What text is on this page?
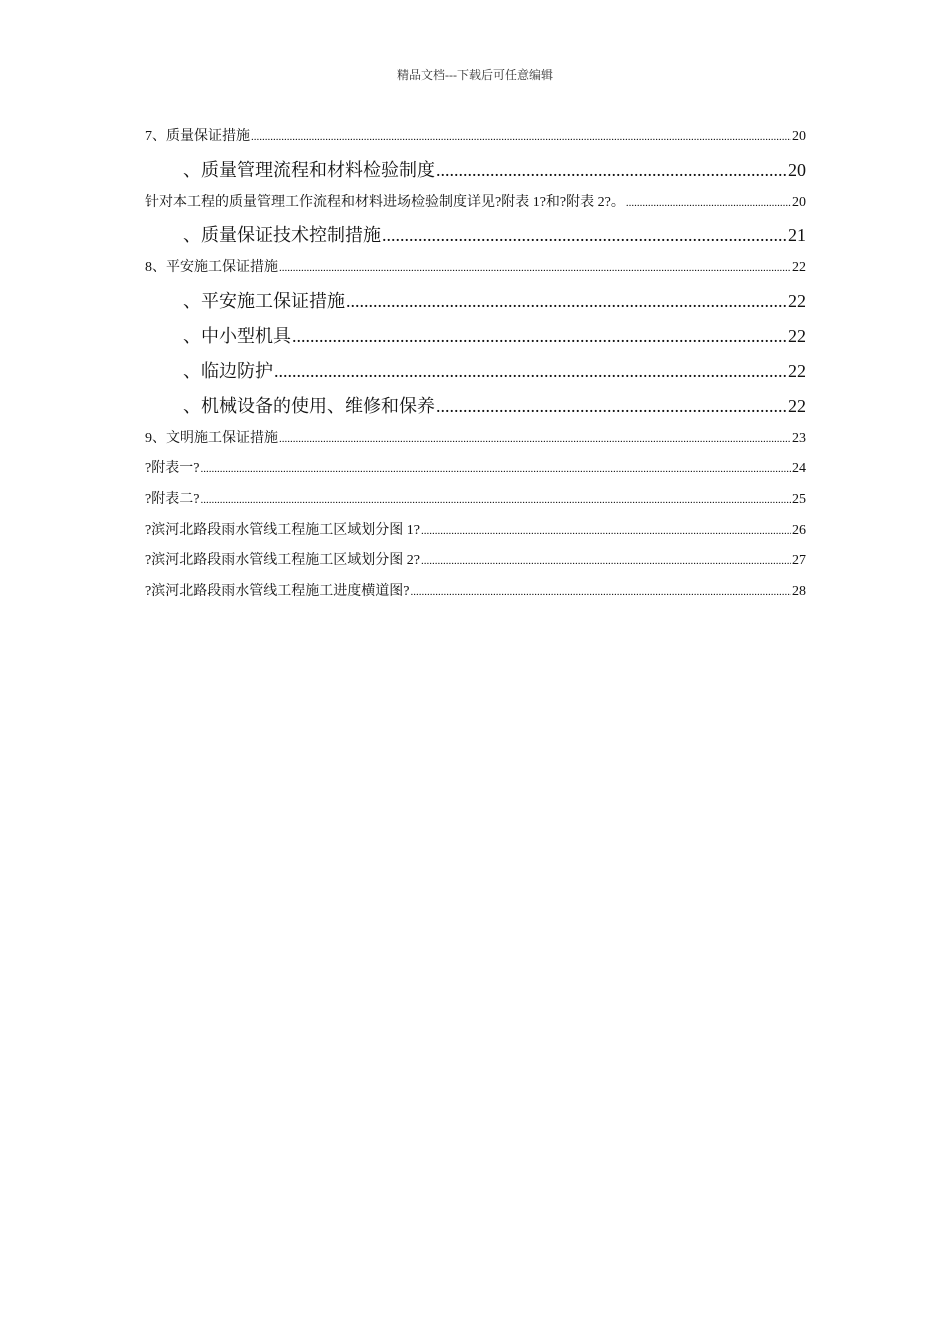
精品文档---下载后可任意编辑
7、质量保证措施 .....	20
、质量管理流程和材料检验制度 .....	20
针对本工程的质量管理工作流程和材料进场检验制度详见?附表 1?和?附表 2?。 .....	20
、质量保证技术控制措施 .....	21
8、平安施工保证措施 .....	22
、平安施工保证措施 .....	22
、中小型机具 .....	22
、临边防护 .....	22
、机械设备的使用、维修和保养 .....	22
9、文明施工保证措施 .....	23
?附表一? .....	24
?附表二? .....	25
?滨河北路段雨水管线工程施工区域划分图 1? .....	26
?滨河北路段雨水管线工程施工区域划分图 2? .....	27
?滨河北路段雨水管线工程施工进度横道图? .....	28
